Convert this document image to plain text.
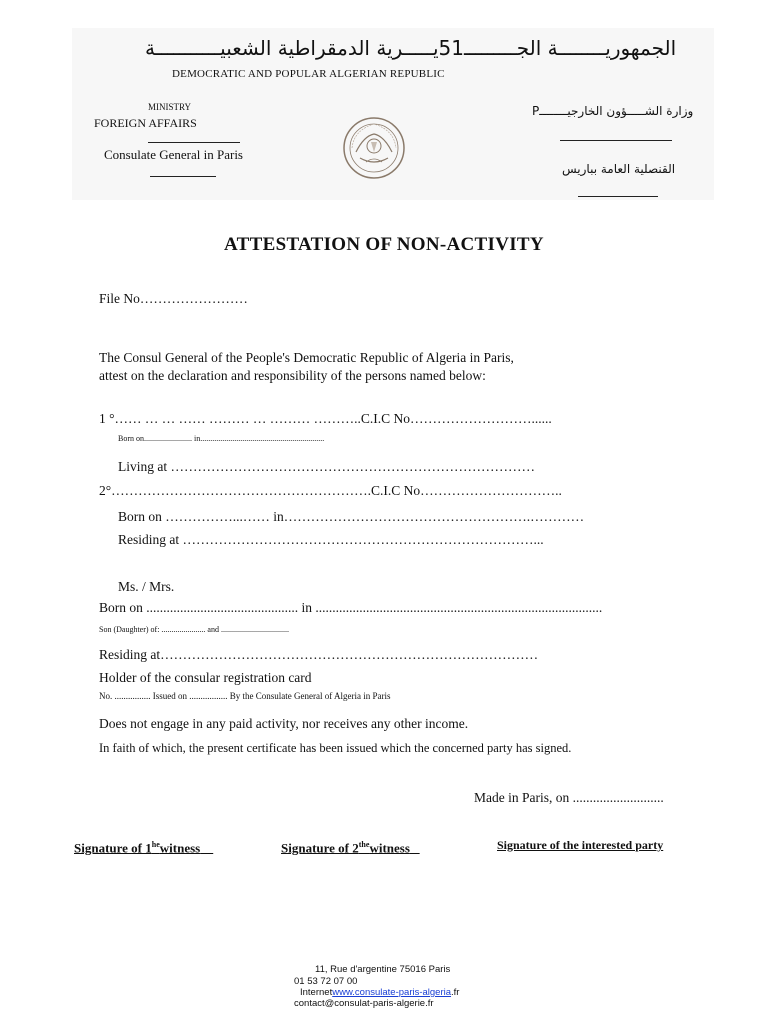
الجمهوريــــــــة الجـــــــــ51يـــــرية الدمقراطية الشعبيـــــــــــة
DEMOCRATIC AND POPULAR ALGERIAN REPUBLIC
MINISTRY
FOREIGN AFFAIRS
Consulate General in Paris
وزارة الشـــــؤون الخارجيــــــــP
القنصلية العامة بباريس
ATTESTATION OF NON-ACTIVITY
File No……………………
The Consul General of the People's Democratic Republic of Algeria in Paris,
attest on the declaration and responsibility of the persons named below:
1 °…… … … …… ……… … ……… ………..C.I.C No………………………......
Born on........................ in..............................................................
Living at ………………………………………………………………………
2°………………………………………………….C.I.C No…………………………..
Born on ……………...…… in……………………………………………….…………
Residing at ……………………………………………………………………...
Ms. / Mrs.
Born on ............................................. in .....................................................................................
Son (Daughter) of: ...................... and ..................................
Residing at…………………………………………………………………………
Holder of the consular registration card
No. ................ Issued on ................. By the Consulate General of Algeria in Paris
Does not engage in any paid activity, nor receives any other income.
In faith of which, the present certificate has been issued which the concerned party has signed.
Made in Paris, on ...........................
Signature of $1^{he}witness$	Signature of $2^{the}witness$	Signature of the interested party
11, Rue d'argentine 75016 Paris
01 53 72 07 00
Internetwww.consulate-paris-algeria.fr
contact@consulat-paris-algerie.fr
